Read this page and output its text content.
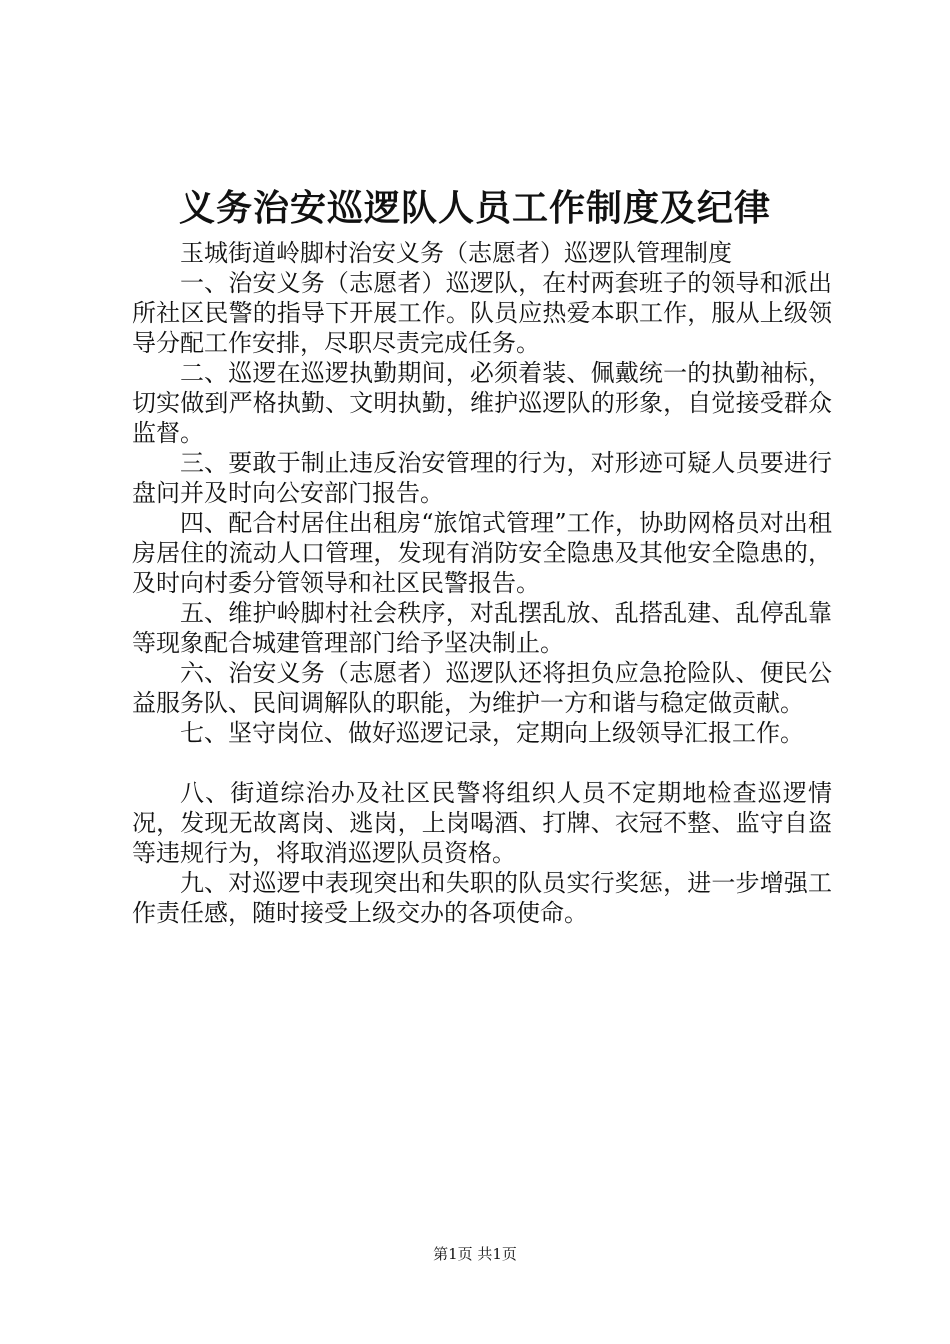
义务治安巡逻队人员工作制度及纪律

玉城街道岭脚村治安义务（志愿者）巡逻队管理制度

一、治安义务（志愿者）巡逻队，在村两套班子的领导和派出所社区民警的指导下开展工作。队员应热爱本职工作，服从上级领导分配工作安排，尽职尽责完成任务。

二、巡逻在巡逻执勤期间，必须着装、佩戴统一的执勤袖标，切实做到严格执勤、文明执勤，维护巡逻队的形象，自觉接受群众监督。

三、要敢于制止违反治安管理的行为，对形迹可疑人员要进行盘问并及时向公安部门报告。

四、配合村居住出租房“旅馆式管理”工作，协助网格员对出租房居住的流动人口管理，发现有消防安全隐患及其他安全隐患的，及时向村委分管领导和社区民警报告。

五、维护岭脚村社会秩序，对乱摆乱放、乱搭乱建、乱停乱靠等现象配合城建管理部门给予坚决制止。

六、治安义务（志愿者）巡逻队还将担负应急抢险队、便民公益服务队、民间调解队的职能，为维护一方和谐与稳定做贡献。

七、坚守岗位、做好巡逻记录，定期向上级领导汇报工作。

八、街道综治办及社区民警将组织人员不定期地检查巡逻情况，发现无故离岗、逃岗，上岗喝酒、打牌、衣冠不整、监守自盗等违规行为，将取消巡逻队员资格。

九、对巡逻中表现突出和失职的队员实行奖惩，进一步增强工作责任感，随时接受上级交办的各项使命。

第1页 共1页
